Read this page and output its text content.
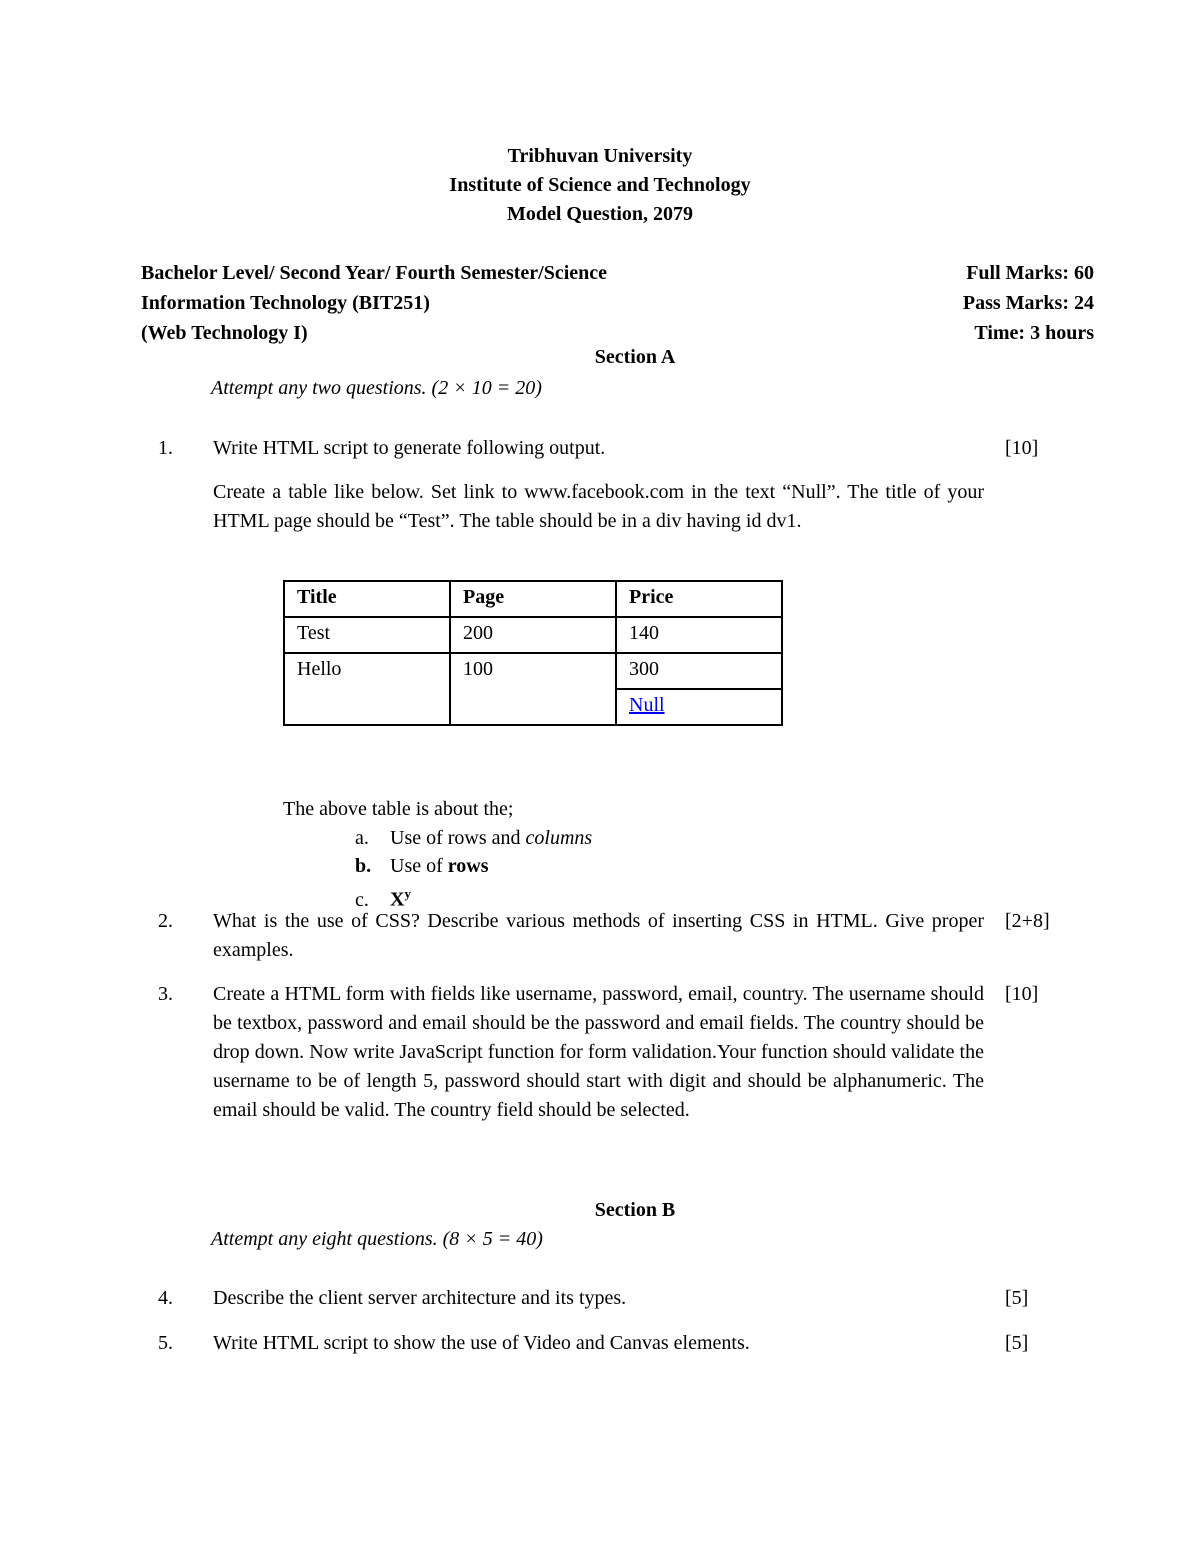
Tribhuvan University
Institute of Science and Technology
Model Question, 2079
Bachelor Level/ Second Year/ Fourth Semester/Science
Information Technology (BIT251)
(Web Technology I)
Full Marks: 60
Pass Marks: 24
Time: 3 hours
Section A
Attempt any two questions. (2 × 10 = 20)
1. Write HTML script to generate following output.	[10]
Create a table like below. Set link to www.facebook.com in the text “Null”. The title of your HTML page should be “Test”. The table should be in a div having id dv1.
Title	Page	Price
Test	200	140
Hello	100	300
		Null
The above table is about the;
a. Use of rows and columns
b. Use of rows
c. $X^y$
2. What is the use of CSS? Describe various methods of inserting CSS in HTML. Give proper examples.
[2+8]
3. Create a HTML form with fields like username, password, email, country. The username should be textbox, password and email should be the password and email fields. The country should be drop down. Now write JavaScript function for form validation.Your function should validate the username to be of length 5, password should start with digit and should be alphanumeric. The email should be valid. The country field should be selected.
[10]
Section B
Attempt any eight questions. (8 × 5 = 40)
4. Describe the client server architecture and its types.	[5]
5. Write HTML script to show the use of Video and Canvas elements.	[5]
